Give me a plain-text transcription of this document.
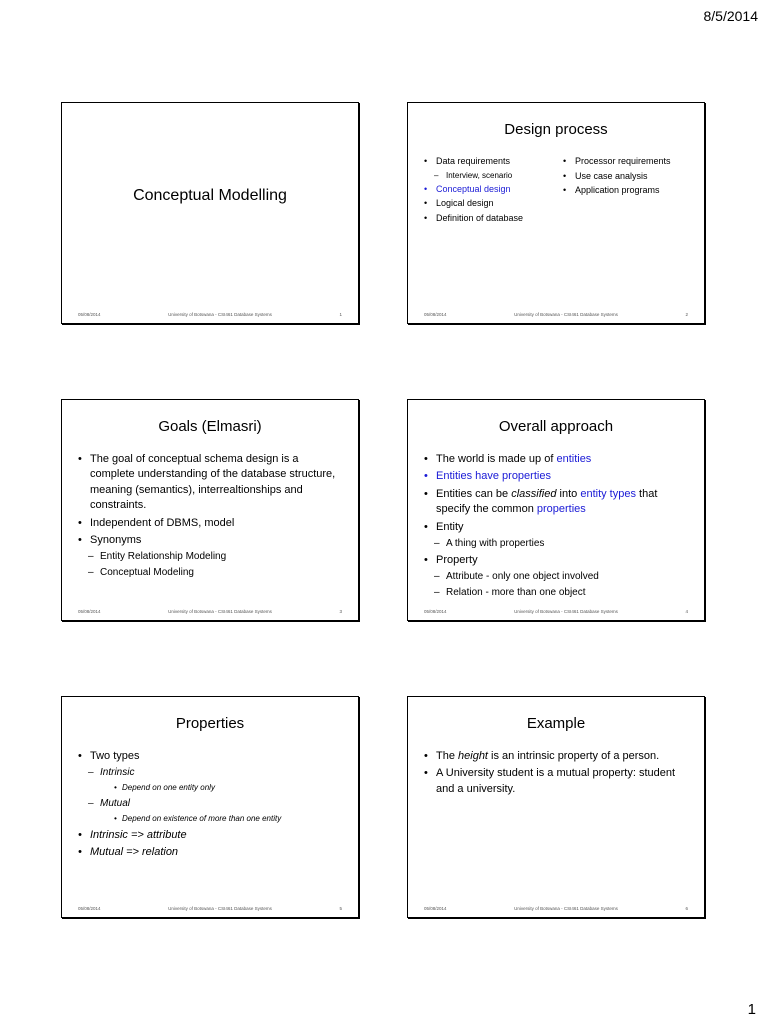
8/5/2014
Conceptual Modelling
05/08/2014	University of Botswana - CSI461 Database Systems	1
Design process
• Data requirements
– Interview, scenario
• Conceptual design
• Logical design
• Definition of database
• Processor requirements
• Use case analysis
• Application programs
05/08/2014	University of Botswana - CSI461 Database Systems	2
Goals (Elmasri)
• The goal of conceptual schema design is a complete understanding of the database structure, meaning (semantics), interrealtionships and constraints.
• Independent of DBMS, model
• Synonyms
– Entity Relationship Modeling
– Conceptual Modeling
05/08/2014	University of Botswana - CSI461 Database Systems	3
Overall approach
• The world is made up of entities
• Entities have properties
• Entities can be classified into entity types that specify the common properties
• Entity
– A thing with properties
• Property
– Attribute - only one object involved
– Relation - more than one object
05/08/2014	University of Botswana - CSI461 Database Systems	4
Properties
• Two types
– Intrinsic
• Depend on one entity only
– Mutual
• Depend on existence of more than one entity
• Intrinsic => attribute
• Mutual => relation
05/08/2014	University of Botswana - CSI461 Database Systems	5
Example
• The height is an intrinsic property of a person.
• A University student is a mutual property: student and a university.
05/08/2014	University of Botswana - CSI461 Database Systems	6
1
